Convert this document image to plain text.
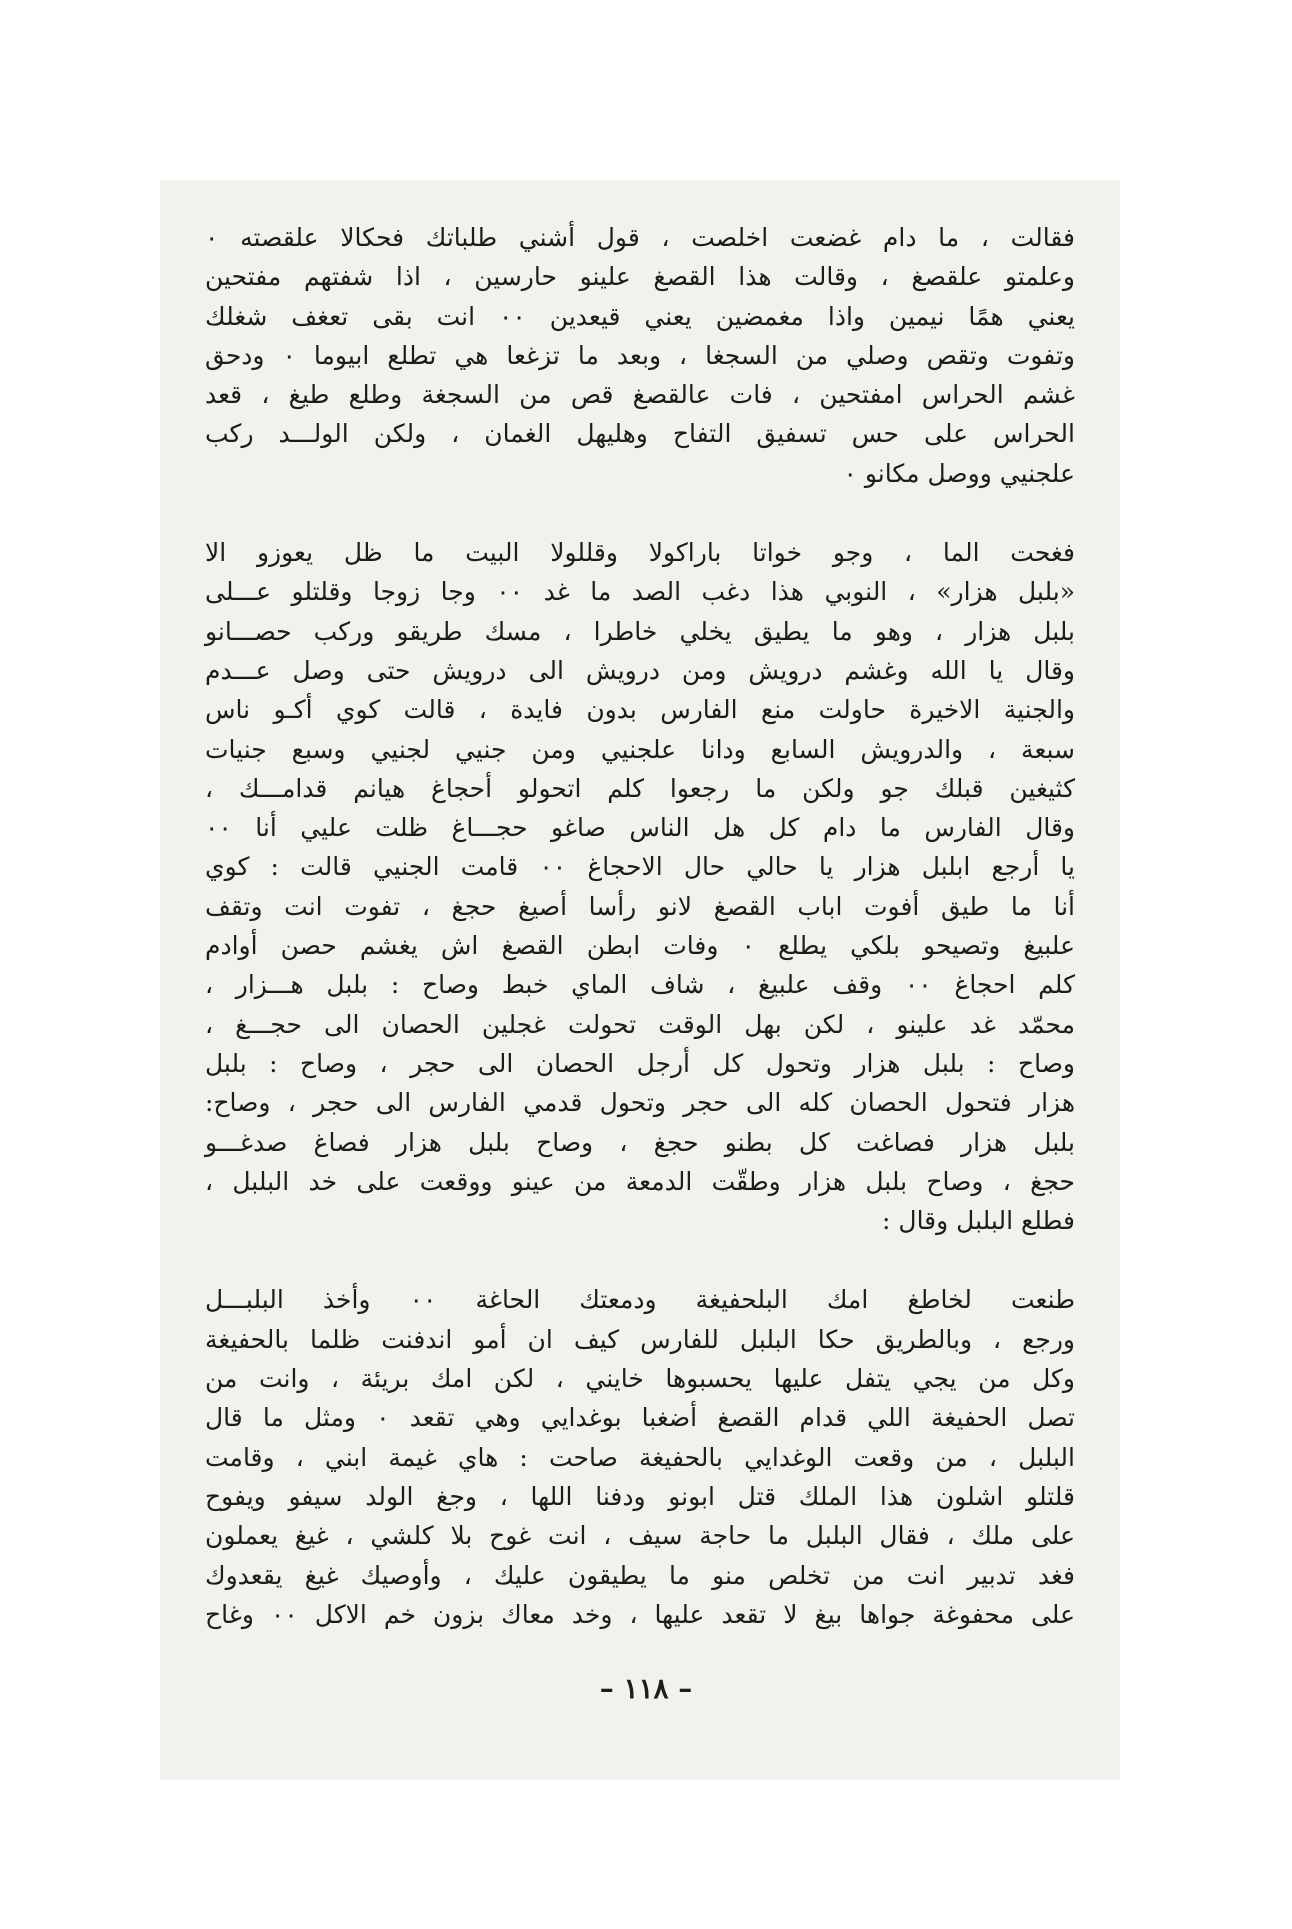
فقالت ، ما دام غضعت اخلصت ، قول أشني طلباتك فحكالا علقصته ٠
وعلمتو علقصغ ، وقالت هذا القصغ علينو حارسين ، اذا شفتهم مفتحين
يعني همًا نيمين واذا مغمضين يعني قيعدين ٠٠ انت بقى تعغف شغلك
وتفوت وتقص وصلي من السجغا ، وبعد ما تزغعا هي تطلع ابيوما ٠ ودحق
غشم الحراس امفتحين ، فات عالقصغ قص من السجغة وطلع طيغ ، قعد
الحراس على حس تسفيق التفاح وهليهل الغمان ، ولكن الولـــد ركب
علجنيي ووصل مكانو ٠

فغحت الما ، وجو خواتا باراكولا وقللولا البيت ما ظل يعوزو الا
«بلبل هزار» ، النوبي هذا دغب الصد ما غد ٠٠ وجا زوجا وقلتلو عـــلى
بلبل هزار ، وهو ما يطيق يخلي خاطرا ، مسك طريقو وركب حصـــانو
وقال يا الله وغشم درويش ومن درويش الى درويش حتى وصل عـــدم
والجنية الاخيرة حاولت منع الفارس بدون فايدة ، قالت كوي أكـو ناس
سبعة ، والدرويش السابع ودانا علجنيي ومن جنيي لجنيي وسبع جنيات
كثيغين قبلك جو ولكن ما رجعوا كلم اتحولو أحجاغ هيانم قدامـــك ،
وقال الفارس ما دام كل هل الناس صاغو حجـــاغ ظلت عليي أنا ٠٠
يا أرجع ابلبل هزار يا حالي حال الاحجاغ ٠٠ قامت الجنيي قالت : كوي
أنا ما طيق أفوت اباب القصغ لانو رأسا أصيغ حجغ ، تفوت انت وتقف
علبيغ وتصيحو بلكي يطلع ٠ وفات ابطن القصغ اش يغشم حصن أوادم
كلم احجاغ ٠٠ وقف علبيغ ، شاف الماي خبط وصاح : بلبل هـــزار ،
محمّد غد علينو ، لكن بهل الوقت تحولت غجلين الحصان الى حجـــغ ،
وصاح : بلبل هزار وتحول كل أرجل الحصان الى حجر ، وصاح : بلبل
هزار فتحول الحصان كله الى حجر وتحول قدمي الفارس الى حجر ، وصاح:
بلبل هزار فصاغت كل بطنو حجغ ، وصاح بلبل هزار فصاغ صدغـــو
حجغ ، وصاح بلبل هزار وطقّت الدمعة من عينو ووقعت على خد البلبل ،
فطلع البلبل وقال :

طنعت لخاطغ امك البلحفيغة ودمعتك الحاغة ٠٠ وأخذ البلبـــل
ورجع ، وبالطريق حكا البلبل للفارس كيف ان أمو اندفنت ظلما بالحفيغة
وكل من يجي يتفل عليها يحسبوها خايني ، لكن امك بريئة ، وانت من
تصل الحفيغة اللي قدام القصغ أضغبا بوغدايي وهي تقعد ٠ ومثل ما قال
البلبل ، من وقعت الوغدايي بالحفيغة صاحت : هاي غيمة ابني ، وقامت
قلتلو اشلون هذا الملك قتل ابونو ودفنا اللها ، وجغ الولد سيفو ويفوح
على ملك ، فقال البلبل ما حاجة سيف ، انت غوح بلا كلشي ، غيغ يعملون
فغد تدبير انت من تخلص منو ما يطيقون عليك ، وأوصيك غيغ يقعدوك
على محفوغة جواها بيغ لا تقعد عليها ، وخد معاك بزون خم الاكل ٠٠ وغاح

– ١١٨ –
